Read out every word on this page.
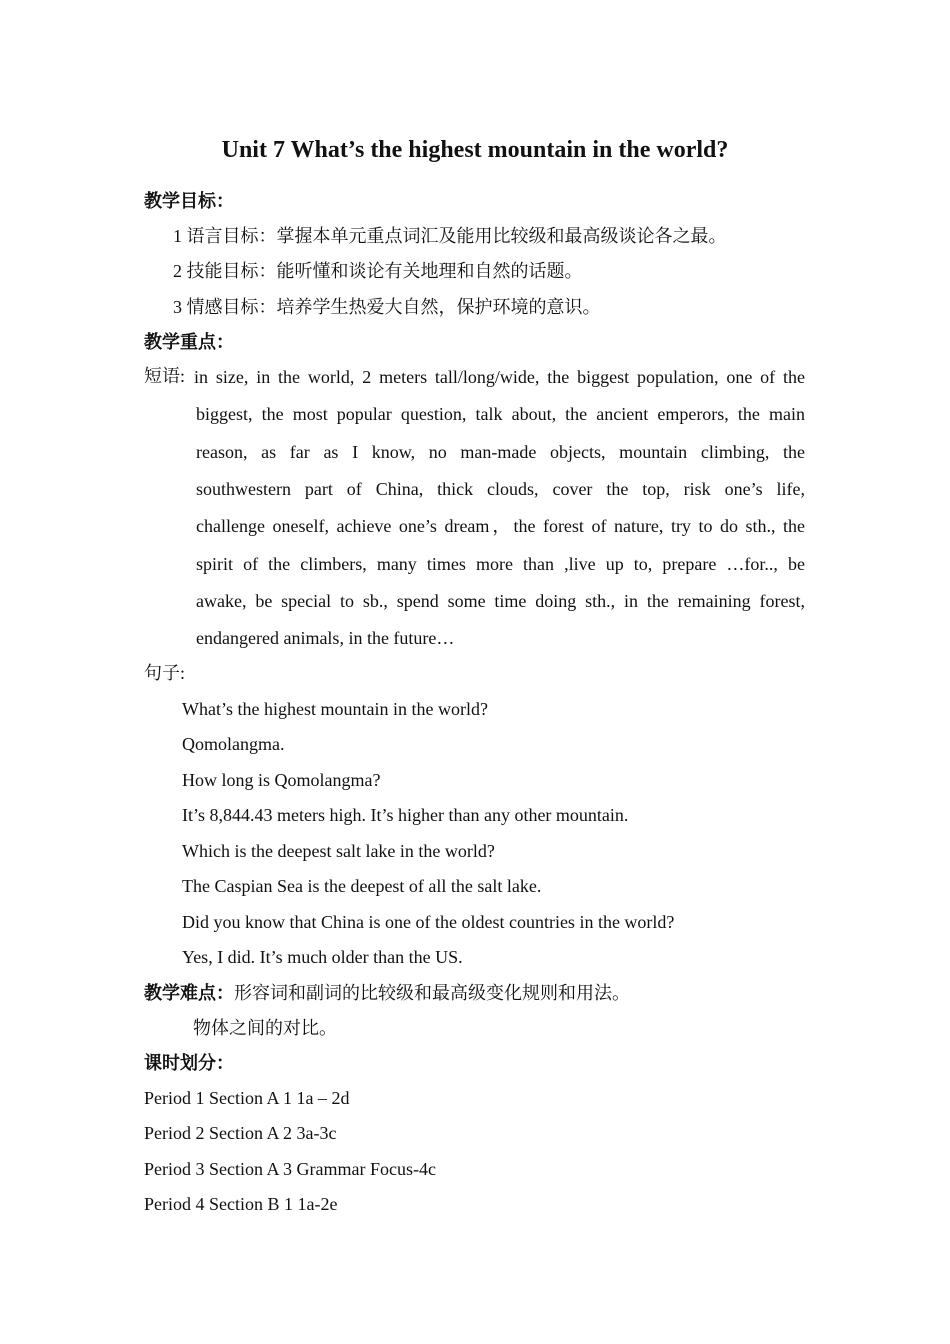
Unit 7 What’s the highest mountain in the world?
教学目标：
1 语言目标：掌握本单元重点词汇及能用比较级和最高级谈论各之最。
2 技能目标：能听懂和谈论有关地理和自然的话题。
3 情感目标：培养学生热爱大自然，保护环境的意识。
教学重点：
短语: in size, in the world, 2 meters tall/long/wide, the biggest population, one of the
biggest, the most popular question, talk about, the ancient emperors, the main
reason, as far as I know, no man-made objects, mountain climbing, the
southwestern part of China, thick clouds, cover the top, risk one’s life,
challenge oneself, achieve one’s dream，the forest of nature, try to do sth., the
spirit of the climbers, many times more than ,live up to, prepare …for.., be
awake, be special to sb., spend some time doing sth., in the remaining forest,
endangered animals, in the future…
句子:
What’s the highest mountain in the world?
Qomolangma.
How long is Qomolangma?
It’s 8,844.43 meters high. It’s higher than any other mountain.
Which is the deepest salt lake in the world?
The Caspian Sea is the deepest of all the salt lake.
Did you know that China is one of the oldest countries in the world?
Yes, I did. It’s much older than the US.
教学难点：形容词和副词的比较级和最高级变化规则和用法。
物体之间的对比。
课时划分：
Period 1 Section A 1 1a – 2d
Period 2 Section A 2 3a-3c
Period 3 Section A 3 Grammar Focus-4c
Period 4 Section B 1 1a-2e
